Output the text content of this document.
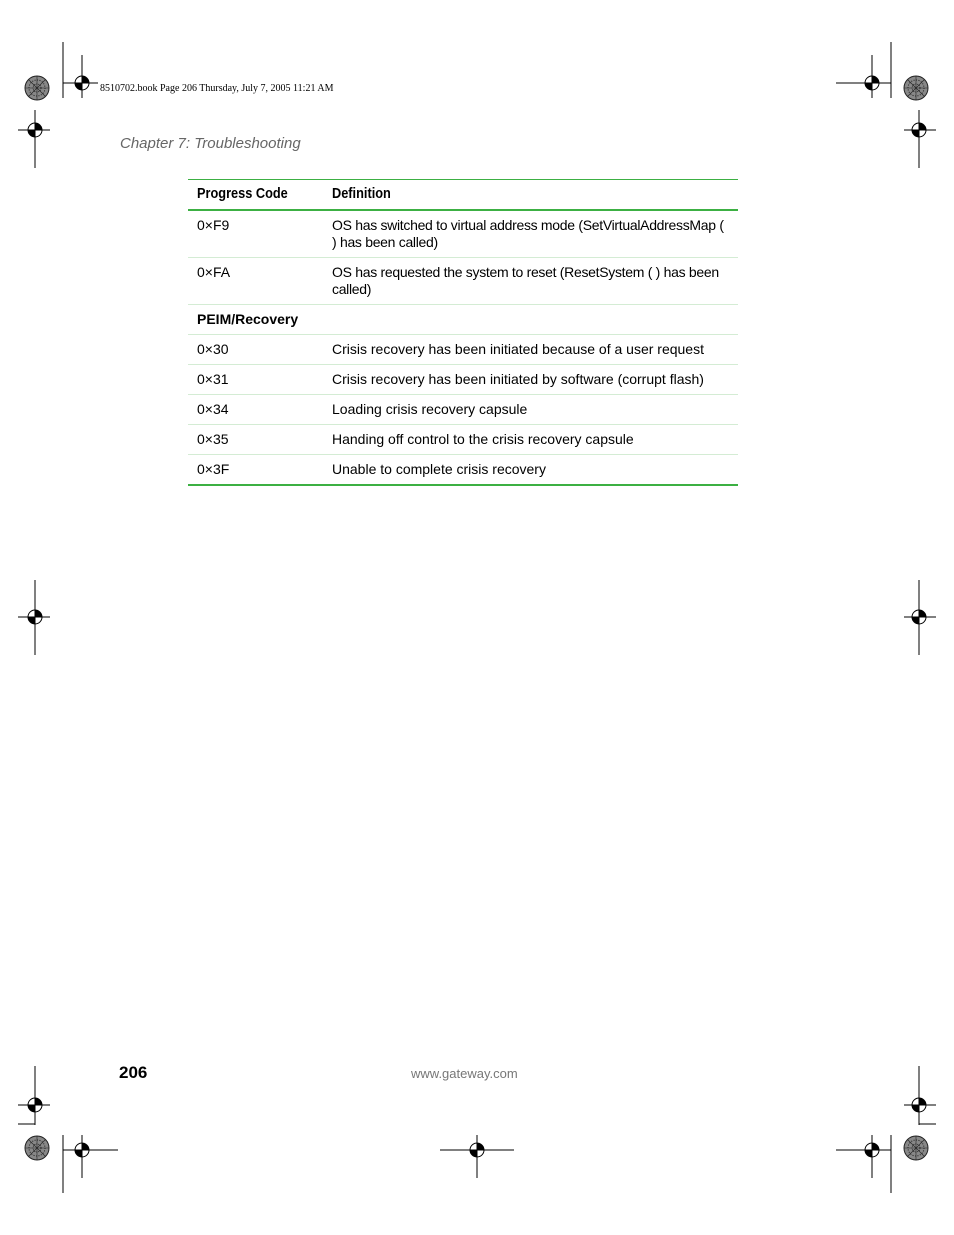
8510702.book Page 206 Thursday, July 7, 2005 11:21 AM
Chapter 7: Troubleshooting
Progress Code	Definition
0×F9	OS has switched to virtual address mode (SetVirtualAddressMap ( ) has been called)
0×FA	OS has requested the system to reset (ResetSystem ( ) has been called)
PEIM/Recovery	
0×30	Crisis recovery has been initiated because of a user request
0×31	Crisis recovery has been initiated by software (corrupt flash)
0×34	Loading crisis recovery capsule
0×35	Handing off control to the crisis recovery capsule
0×3F	Unable to complete crisis recovery
206	www.gateway.com
